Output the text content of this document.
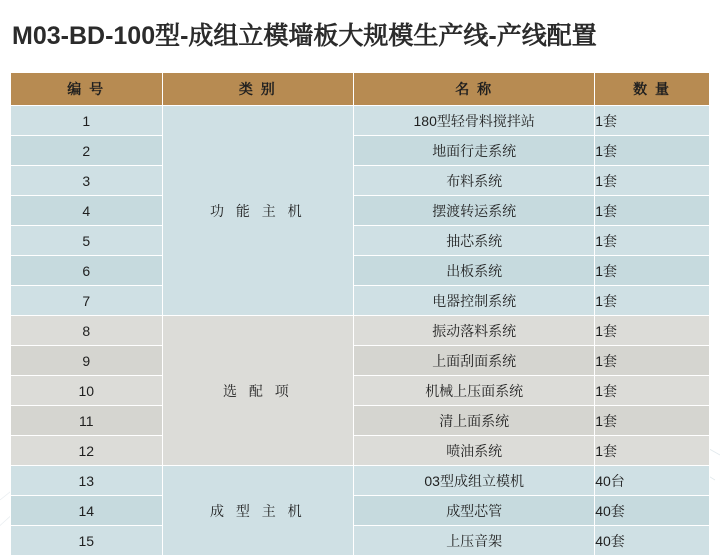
M03-BD-100型-成组立模墙板大规模生产线-产线配置
编 号	类 别	名 称	数 量
1	功 能 主 机	180型轻骨料搅拌站	1套
2		地面行走系统	1套
3		布料系统	1套
4		摆渡转运系统	1套
5		抽芯系统	1套
6		出板系统	1套
7		电器控制系统	1套
8	选 配 项	振动落料系统	1套
9		上面刮面系统	1套
10		机械上压面系统	1套
11		清上面系统	1套
12		喷油系统	1套
13	成 型 主 机	03型成组立模机	40台
14		成型芯管	40套
15		上压音架	40套
